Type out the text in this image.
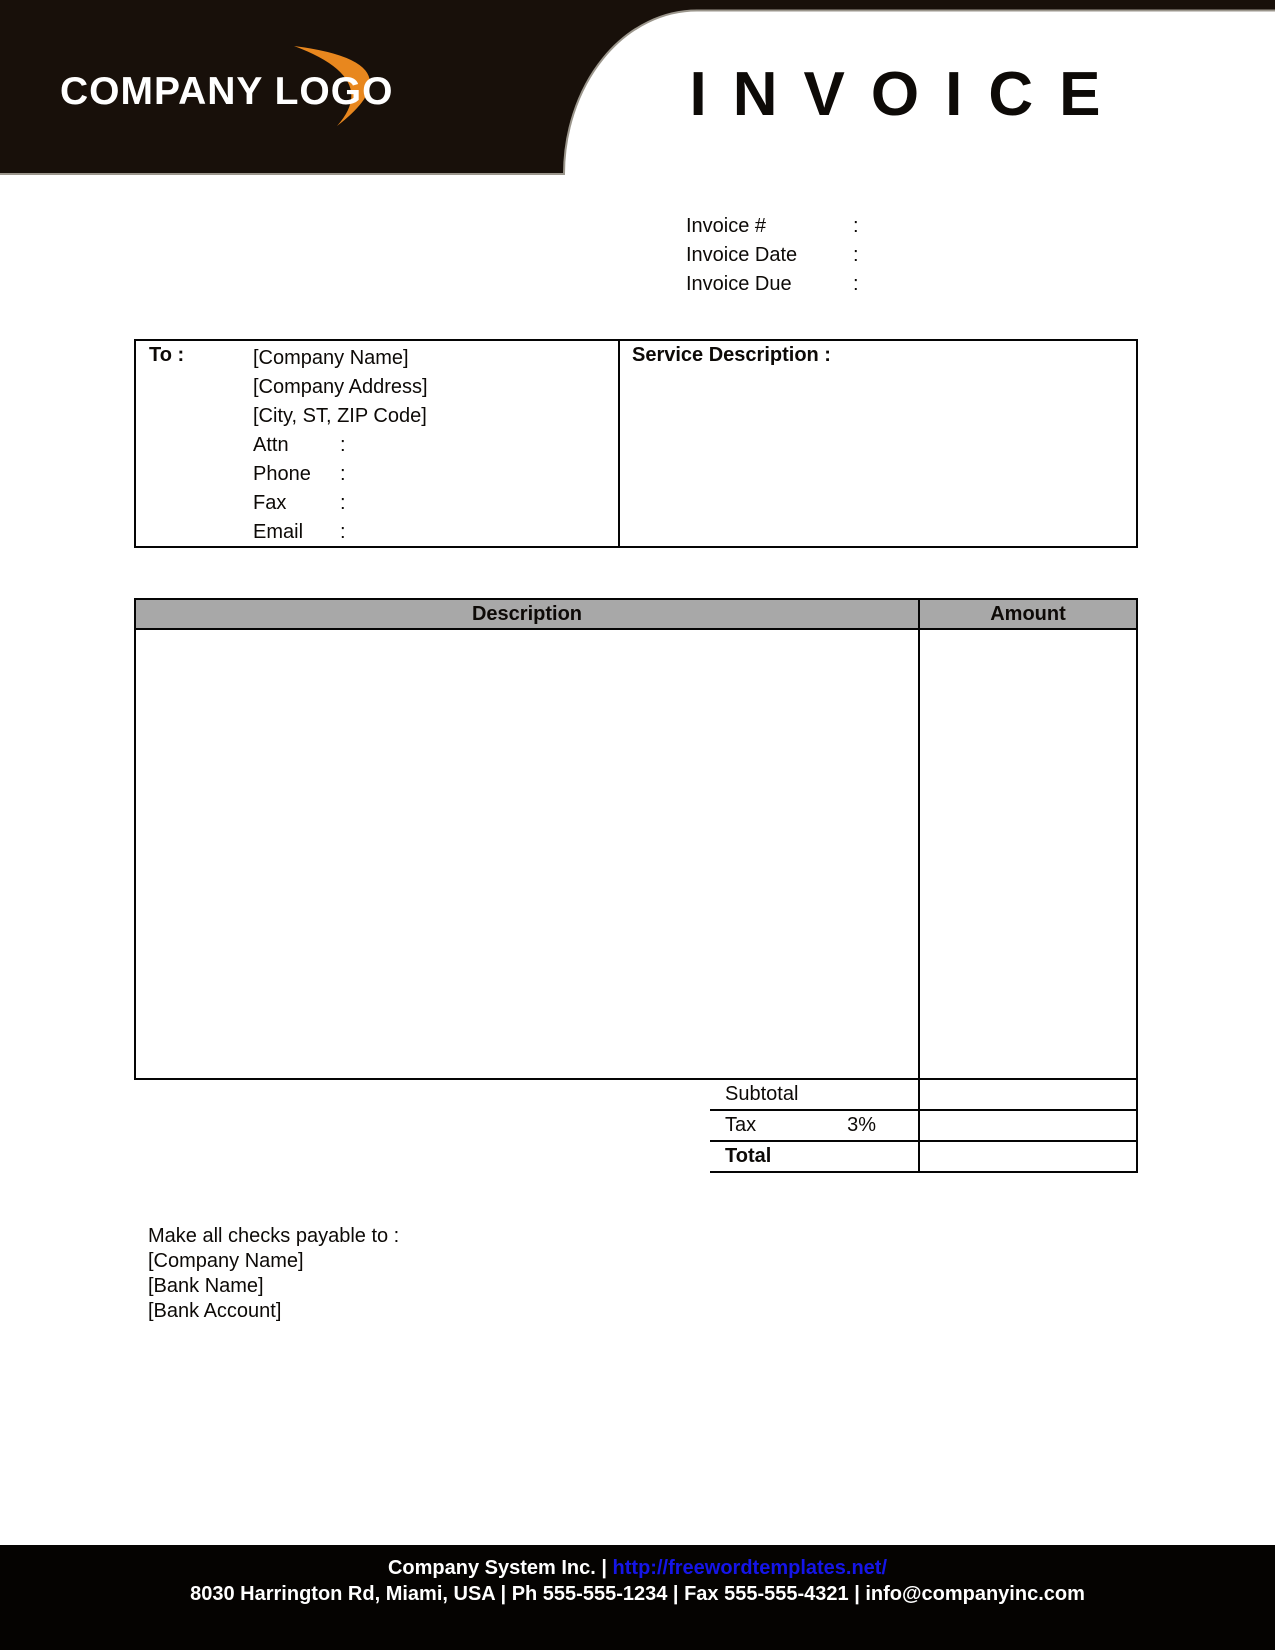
COMPANY LOGO	INVOICE
Invoice #	:
Invoice Date	:
Invoice Due	:
To :	[Company Name]
[Company Address]
[City, ST, ZIP Code]
Attn	:
Phone :
Fax	:
Email :
Service Description :
Description	Amount
Subtotal
Tax	3%
Total
Make all checks payable to :
[Company Name]
[Bank Name]
[Bank Account]
Company System Inc. | http://freewordtemplates.net/
8030 Harrington Rd, Miami, USA | Ph 555-555-1234 | Fax 555-555-4321 | info@companyinc.com
